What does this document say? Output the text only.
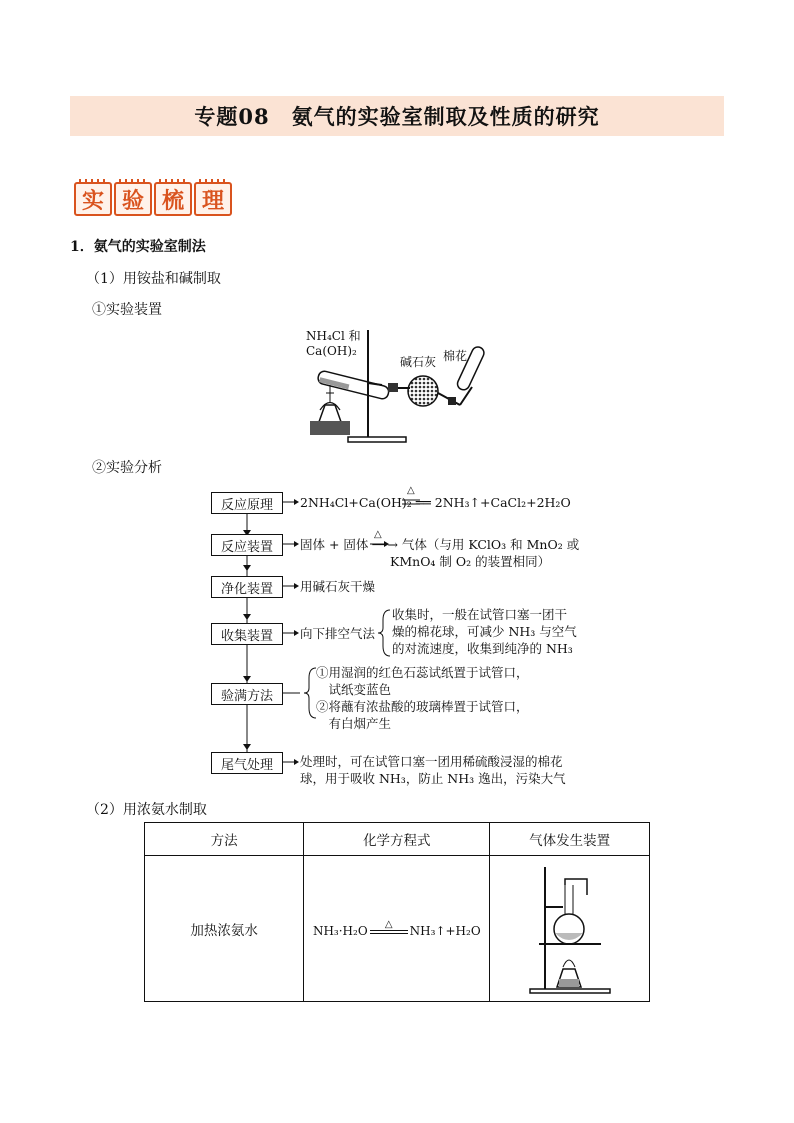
专题08　氨气的实验室制取及性质的研究
实 验 梳 理
1．氨气的实验室制法
（1）用铵盐和碱制取
①实验装置
NH₄Cl 和
Ca(OH)₂
碱石灰 棉花
②实验分析
反应原理
反应装置
净化装置
收集装置
验满方法
尾气处理
2NH₄Cl+Ca(OH)₂ ══ 2NH₃↑+CaCl₂+2H₂O
△
固体 + 固体 ──→ 气体（与用 KClO₃ 和 MnO₂ 或
△
KMnO₄ 制 O₂ 的装置相同）
用碱石灰干燥
向下排空气法
收集时，一般在试管口塞一团干
燥的棉花球，可减少 NH₃ 与空气
的对流速度，收集到纯净的 NH₃
①用湿润的红色石蕊试纸置于试管口，
　试纸变蓝色
②将蘸有浓盐酸的玻璃棒置于试管口，
　有白烟产生
处理时，可在试管口塞一团用稀硫酸浸湿的棉花
球，用于吸收 NH₃，防止 NH₃ 逸出，污染大气
（2）用浓氨水制取
方法	化学方程式	气体发生装置
加热浓氨水	NH₃·H₂O △ NH₃↑+H₂O
